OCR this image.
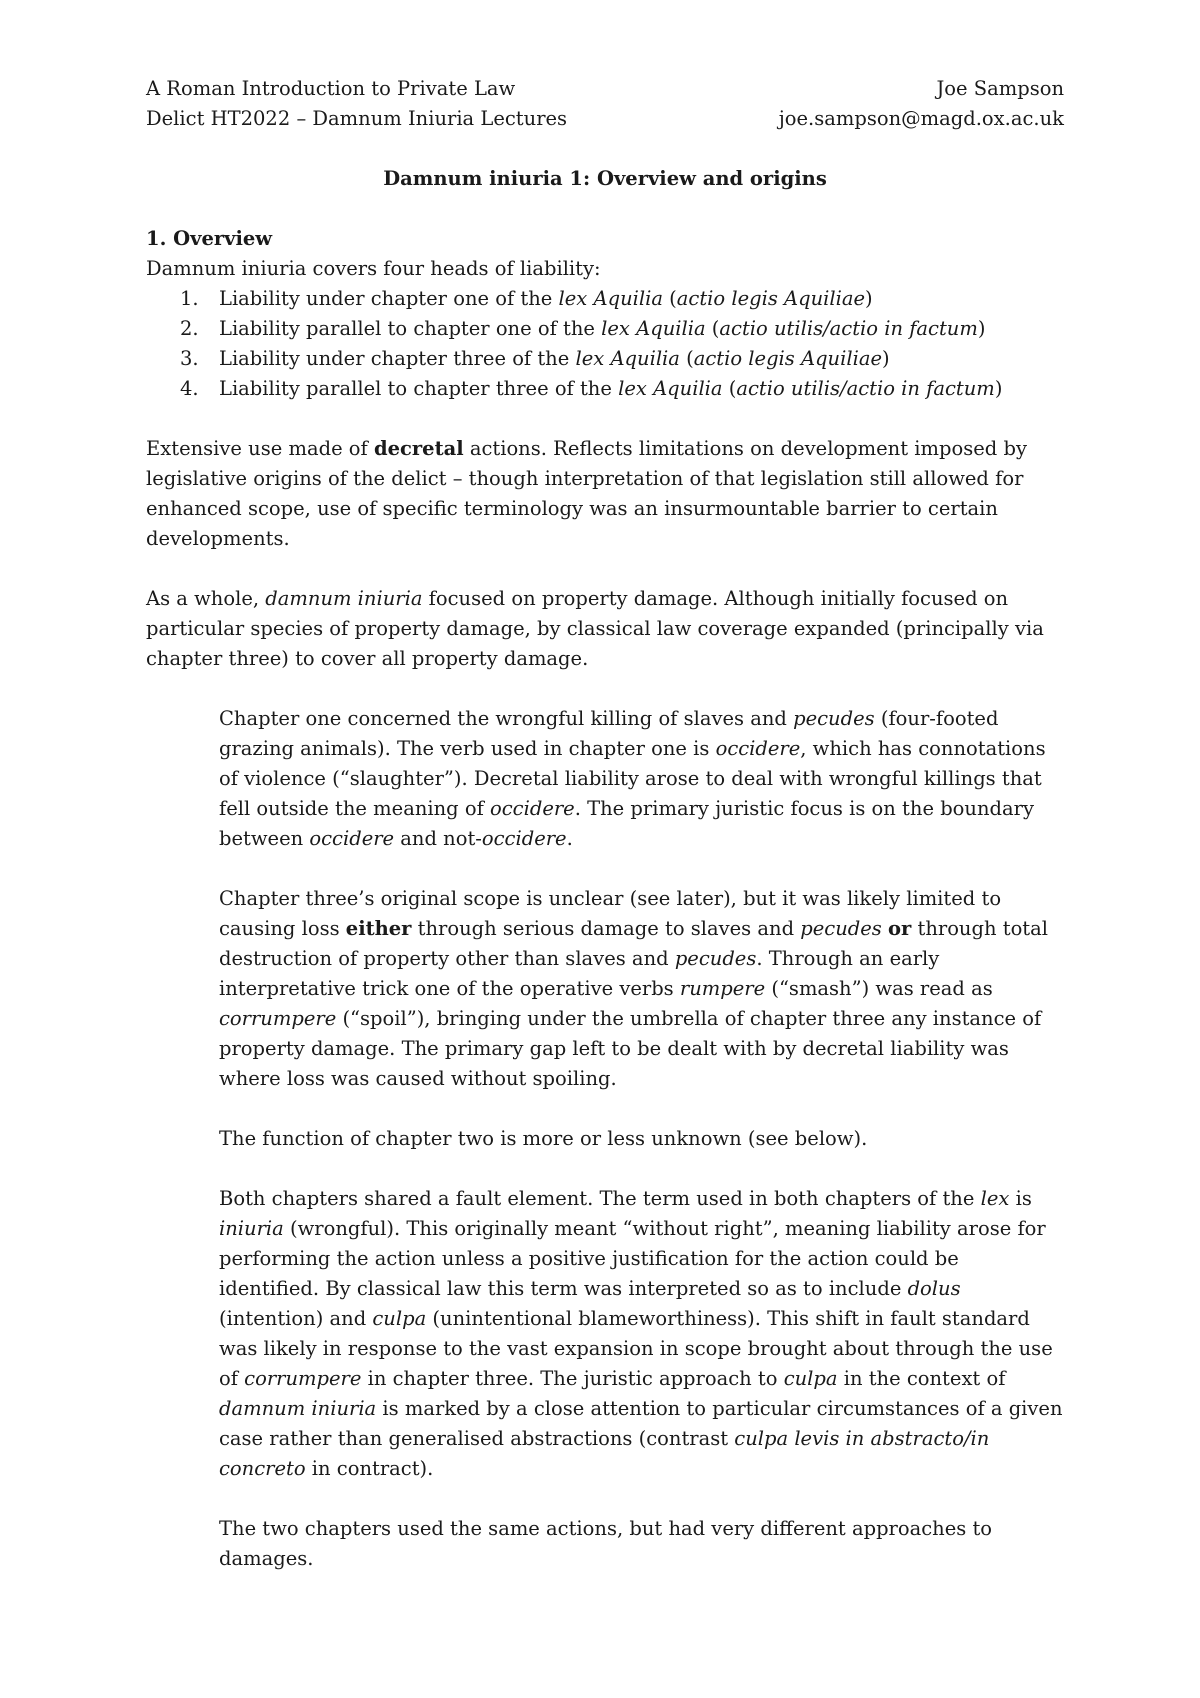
A Roman Introduction to Private Law	Joe Sampson
Delict HT2022 – Damnum Iniuria Lectures	joe.sampson@magd.ox.ac.uk
Damnum iniuria 1: Overview and origins
1. Overview
Damnum iniuria covers four heads of liability:
1. Liability under chapter one of the lex Aquilia (actio legis Aquiliae)
2. Liability parallel to chapter one of the lex Aquilia (actio utilis/actio in factum)
3. Liability under chapter three of the lex Aquilia (actio legis Aquiliae)
4. Liability parallel to chapter three of the lex Aquilia (actio utilis/actio in factum)

Extensive use made of decretal actions. Reflects limitations on development imposed by legislative origins of the delict – though interpretation of that legislation still allowed for enhanced scope, use of specific terminology was an insurmountable barrier to certain developments.

As a whole, damnum iniuria focused on property damage. Although initially focused on particular species of property damage, by classical law coverage expanded (principally via chapter three) to cover all property damage.

Chapter one concerned the wrongful killing of slaves and pecudes (four-footed grazing animals). The verb used in chapter one is occidere, which has connotations of violence (“slaughter”). Decretal liability arose to deal with wrongful killings that fell outside the meaning of occidere. The primary juristic focus is on the boundary between occidere and not-occidere.

Chapter three’s original scope is unclear (see later), but it was likely limited to causing loss either through serious damage to slaves and pecudes or through total destruction of property other than slaves and pecudes. Through an early interpretative trick one of the operative verbs rumpere (“smash”) was read as corrumpere (“spoil”), bringing under the umbrella of chapter three any instance of property damage. The primary gap left to be dealt with by decretal liability was where loss was caused without spoiling.

The function of chapter two is more or less unknown (see below).

Both chapters shared a fault element. The term used in both chapters of the lex is iniuria (wrongful). This originally meant “without right”, meaning liability arose for performing the action unless a positive justification for the action could be identified. By classical law this term was interpreted so as to include dolus (intention) and culpa (unintentional blameworthiness). This shift in fault standard was likely in response to the vast expansion in scope brought about through the use of corrumpere in chapter three. The juristic approach to culpa in the context of damnum iniuria is marked by a close attention to particular circumstances of a given case rather than generalised abstractions (contrast culpa levis in abstracto/in concreto in contract).

The two chapters used the same actions, but had very different approaches to damages.
